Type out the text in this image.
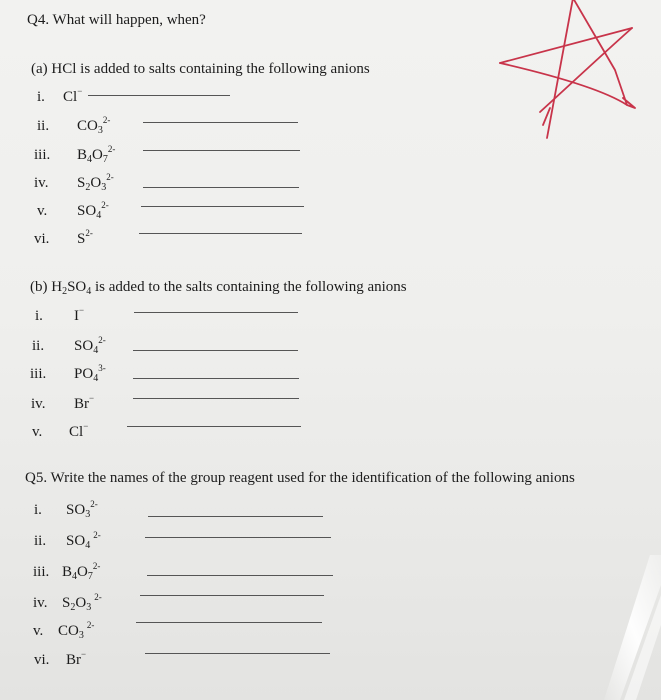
Q4. What will happen, when?
(a) HCl is added to salts containing the following anions
i. Cl−
ii. $CO_3^{2-}$
iii. $B_4O_7^{2-}$
iv. $S_2O_3^{2-}$
v. $SO_4^{2-}$
vi. $S^{2-}$
(b) $H_2SO_4$ is added to the salts containing the following anions
i. I−
ii. $SO_4^{2-}$
iii. $PO_4^{3-}$
iv. Br−
v. Cl−
Q5. Write the names of the group reagent used for the identification of the following anions
i. $SO_3^{2-}$
ii. $SO_4^{2-}$
iii. $B_4O_7^{2-}$
iv. $S_2O_3^{2-}$
v. $CO_3^{2-}$
vi. Br−
